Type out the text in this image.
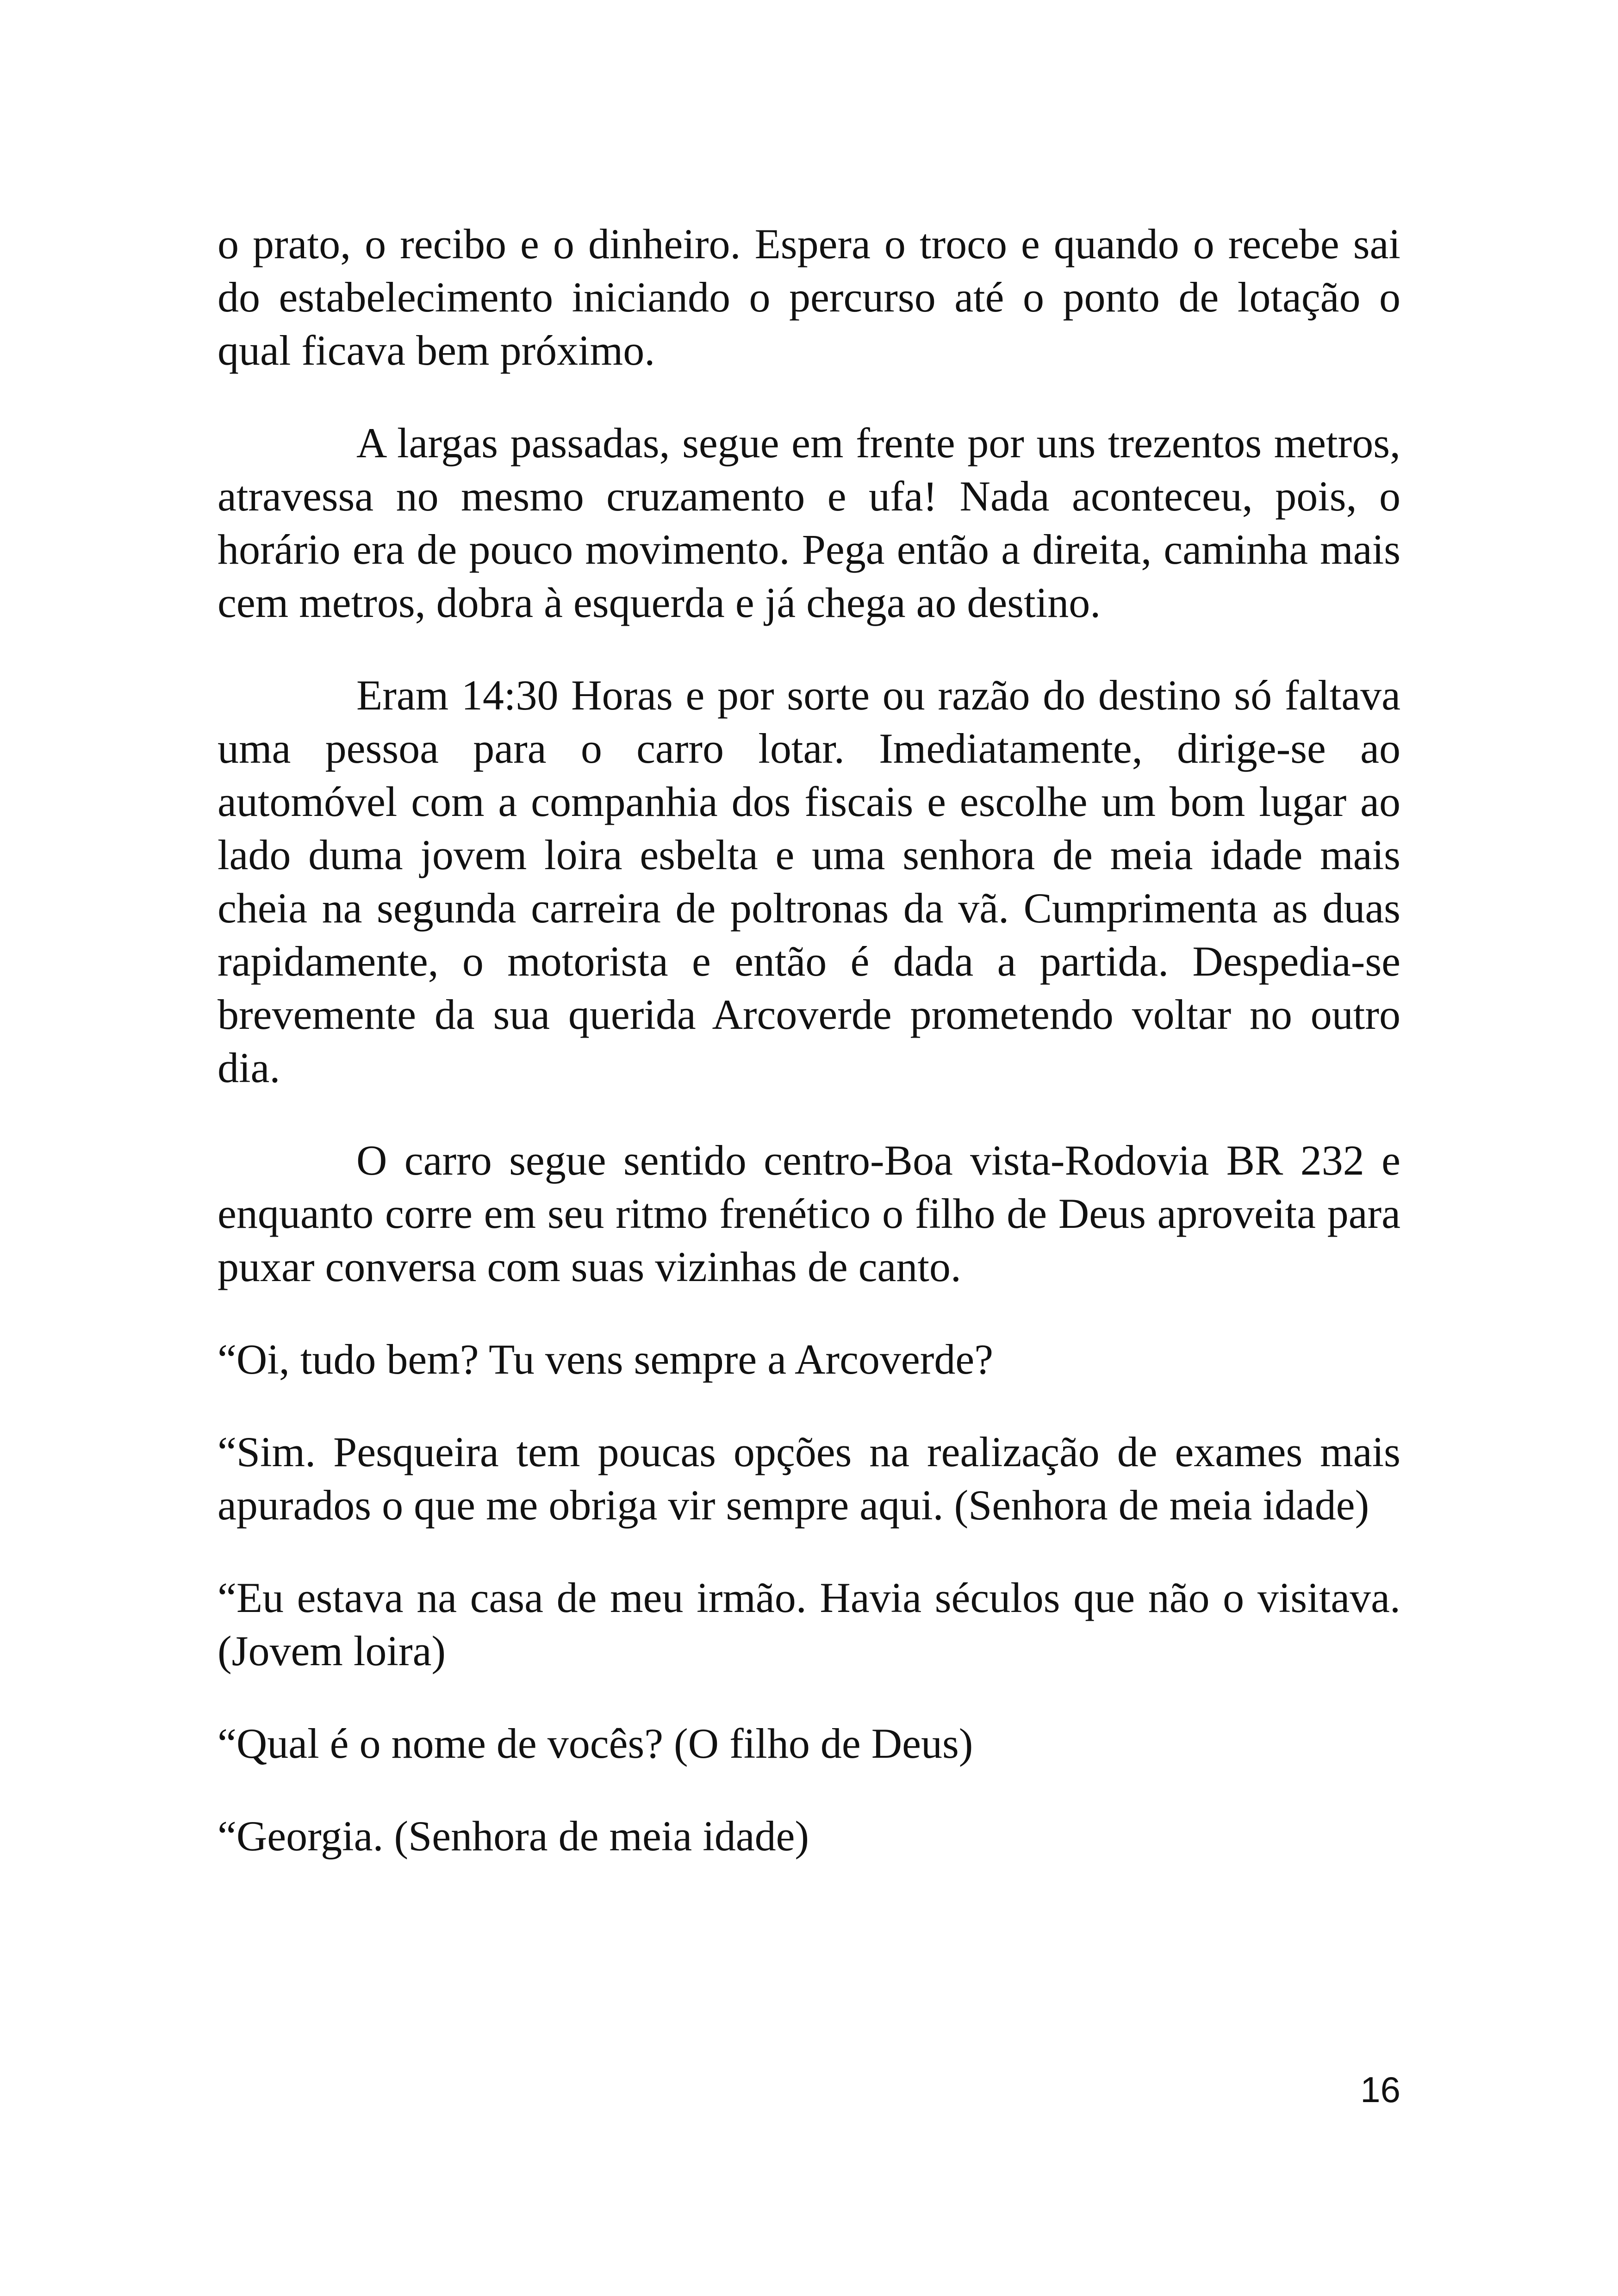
o prato, o recibo e o dinheiro. Espera o troco e quando o recebe sai do estabelecimento iniciando o percurso até o ponto de lotação o qual ficava bem próximo.

A largas passadas, segue em frente por uns trezentos metros, atravessa no mesmo cruzamento e ufa! Nada aconteceu, pois, o horário era de pouco movimento. Pega então a direita, caminha mais cem metros, dobra à esquerda e já chega ao destino.

Eram 14:30 Horas e por sorte ou razão do destino só faltava uma pessoa para o carro lotar. Imediatamente, dirige-se ao automóvel com a companhia dos fiscais e escolhe um bom lugar ao lado duma jovem loira esbelta e uma senhora de meia idade mais cheia na segunda carreira de poltronas da vã. Cumprimenta as duas rapidamente, o motorista e então é dada a partida. Despedia-se brevemente da sua querida Arcoverde prometendo voltar no outro dia.

O carro segue sentido centro-Boa vista-Rodovia BR 232 e enquanto corre em seu ritmo frenético o filho de Deus aproveita para puxar conversa com suas vizinhas de canto.

“Oi, tudo bem? Tu vens sempre a Arcoverde?

“Sim. Pesqueira tem poucas opções na realização de exames mais apurados o que me obriga vir sempre aqui. (Senhora de meia idade)

“Eu estava na casa de meu irmão. Havia séculos que não o visitava. (Jovem loira)

“Qual é o nome de vocês? (O filho de Deus)

“Georgia. (Senhora de meia idade)

16
